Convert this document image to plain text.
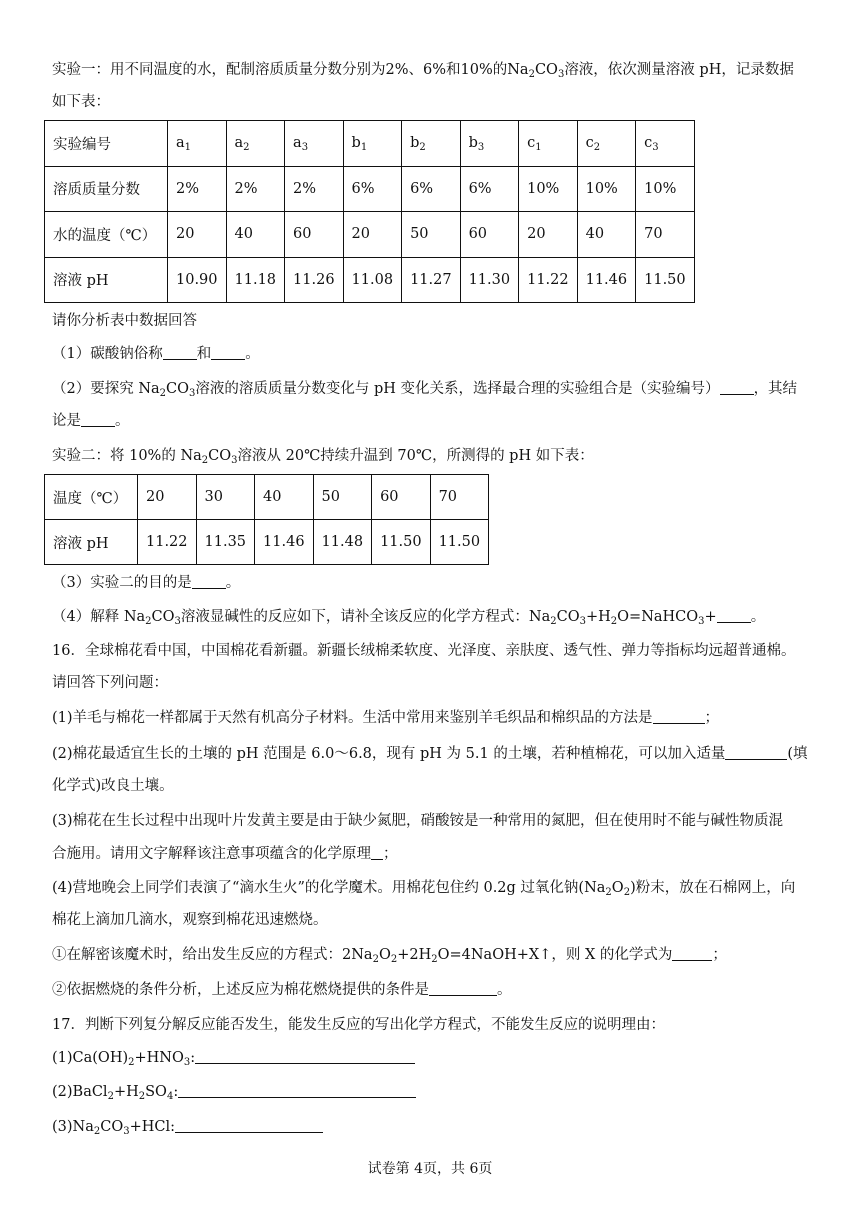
实验一：用不同温度的水，配制溶质质量分数分别为2%、6%和10%的$Na_2CO_3$溶液，依次测量溶液 pH，记录数据
如下表：
实验编号	$a_1$	$a_2$	$a_3$	$b_1$	$b_2$	$b_3$	$c_1$	$c_2$	$c_3$
溶质质量分数	2%	2%	2%	6%	6%	6%	10%	10%	10%
水的温度（℃）	20	40	60	20	50	60	20	40	70
溶液 pH	10.90	11.18	11.26	11.08	11.27	11.30	11.22	11.46	11.50
请你分析表中数据回答
（1）碳酸钠俗称 和 。
（2）要探究 $Na_2CO_3$溶液的溶质质量分数变化与 pH 变化关系，选择最合理的实验组合是（实验编号） ，其结
论是 。
实验二：将 10%的 $Na_2CO_3$溶液从 20℃持续升温到 70℃，所测得的 pH 如下表：
温度（℃）	20	30	40	50	60	70
溶液 pH	11.22	11.35	11.46	11.48	11.50	11.50
（3）实验二的目的是 。
（4）解释 $Na_2CO_3$溶液显碱性的反应如下，请补全该反应的化学方程式：$Na_2CO_3+H_2O=NaHCO_3+$ 。
16．全球棉花看中国，中国棉花看新疆。新疆长绒棉柔软度、光泽度、亲肤度、透气性、弹力等指标均远超普通棉。
请回答下列问题：
(1)羊毛与棉花一样都属于天然有机高分子材料。生活中常用来鉴别羊毛织品和棉织品的方法是	；
(2)棉花最适宜生长的土壤的 pH 范围是 6.0～6.8，现有 pH 为 5.1 的土壤，若种植棉花，可以加入适量	(填
化学式)改良土壤。
(3)棉花在生长过程中出现叶片发黄主要是由于缺少氮肥，硝酸铵是一种常用的氮肥，但在使用时不能与碱性物质混
合施用。请用文字解释该注意事项蕴含的化学原理 ；
(4)营地晚会上同学们表演了“滴水生火”的化学魔术。用棉花包住约 0.2g 过氧化钠$(Na_2O_2)$粉末，放在石棉网上，向
棉花上滴加几滴水，观察到棉花迅速燃烧。
①在解密该魔术时，给出发生反应的方程式：$2Na_2O_2+2H_2O=4NaOH+X↑$，则 X 的化学式为	；
②依据燃烧的条件分析，上述反应为棉花燃烧提供的条件是	。
17．判断下列复分解反应能否发生，能发生反应的写出化学方程式，不能发生反应的说明理由：
$(1)Ca(OH)_2+HNO_3$:
$(2)BaCl_2+H_2SO_4$:
$(3)Na_2CO_3+HCl$:
试卷第 4页，共 6页
